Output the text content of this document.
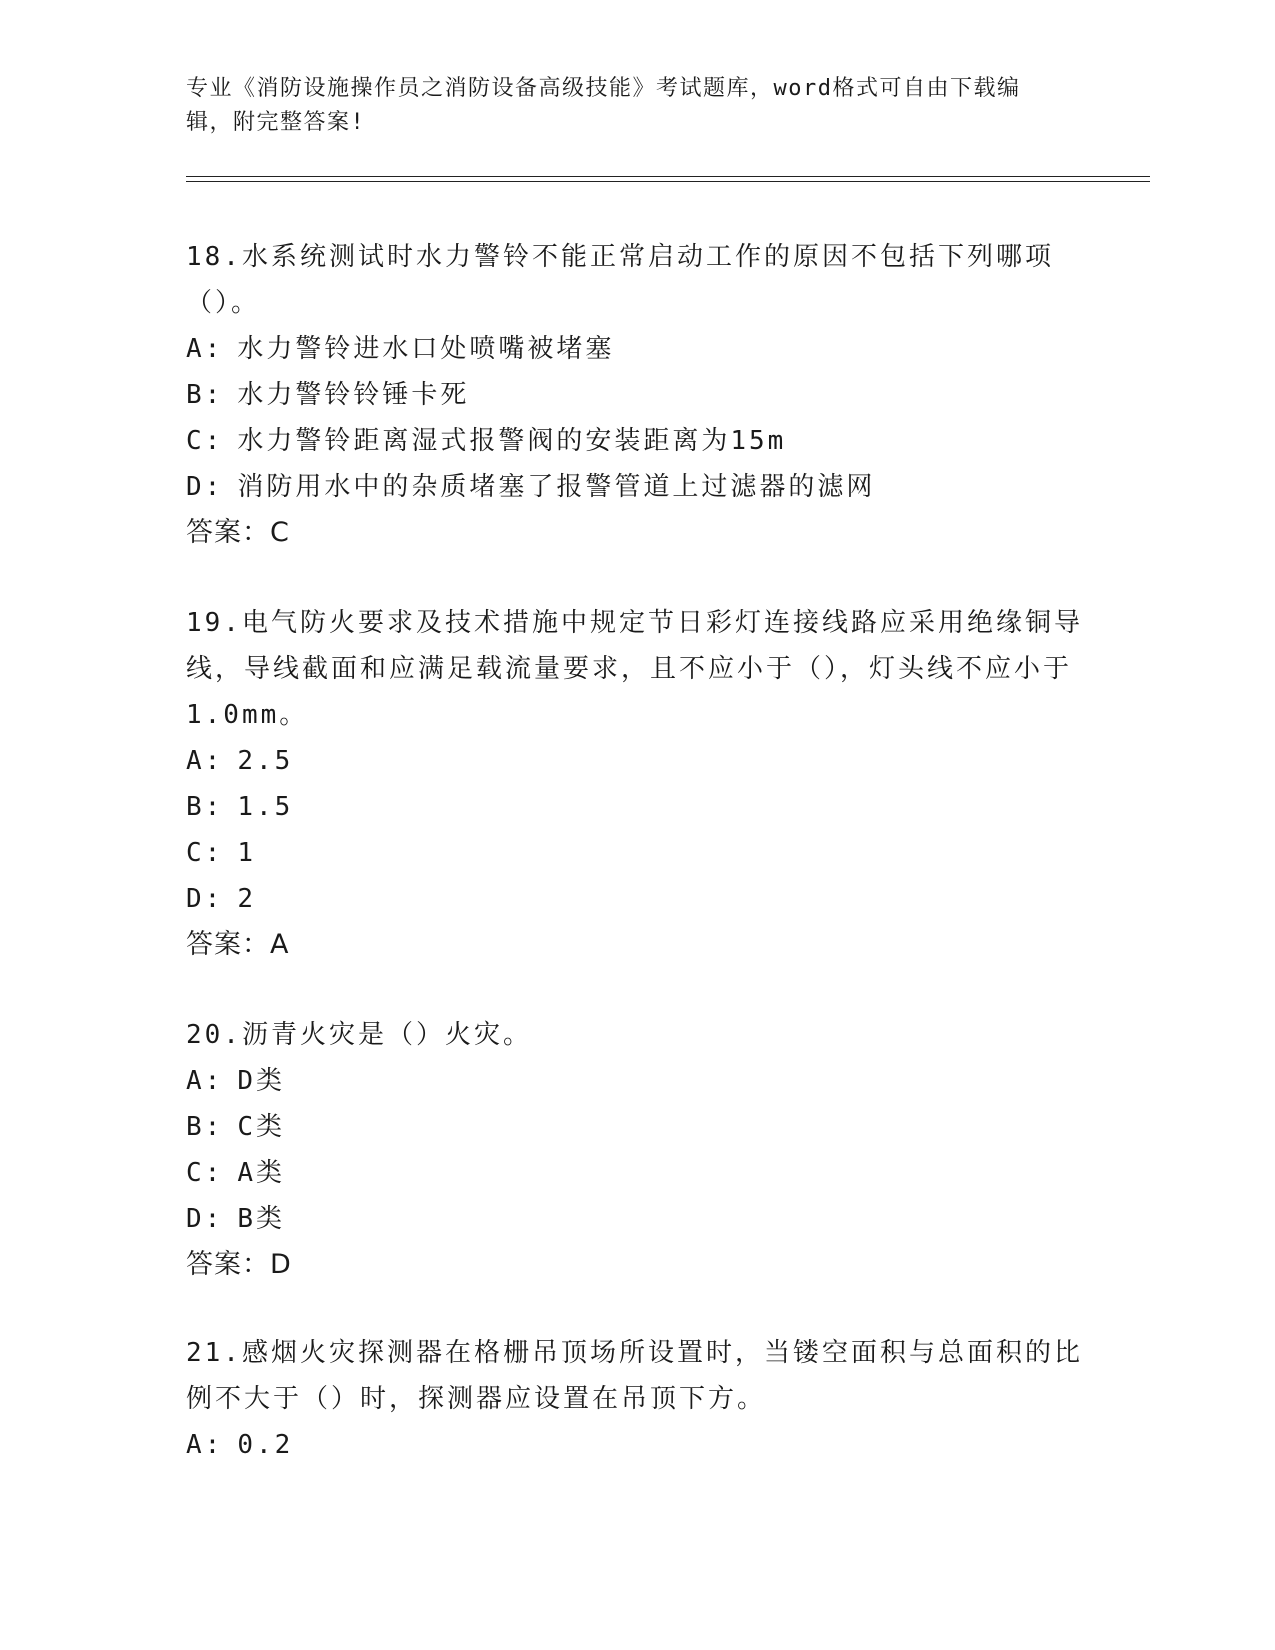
专业《消防设施操作员之消防设备高级技能》考试题库，word格式可自由下载编辑，附完整答案!

18.水系统测试时水力警铃不能正常启动工作的原因不包括下列哪项（）。

A: 水力警铃进水口处喷嘴被堵塞

B: 水力警铃铃锤卡死

C: 水力警铃距离湿式报警阀的安装距离为15m

D: 消防用水中的杂质堵塞了报警管道上过滤器的滤网

答案：C

19.电气防火要求及技术措施中规定节日彩灯连接线路应采用绝缘铜导线，导线截面和应满足载流量要求，且不应小于（），灯头线不应小于1.0mm。

A: 2.5

B: 1.5

C: 1

D: 2

答案：A

20.沥青火灾是（）火灾。

A: D类

B: C类

C: A类

D: B类

答案：D

21.感烟火灾探测器在格栅吊顶场所设置时，当镂空面积与总面积的比例不大于（）时，探测器应设置在吊顶下方。

A: 0.2
